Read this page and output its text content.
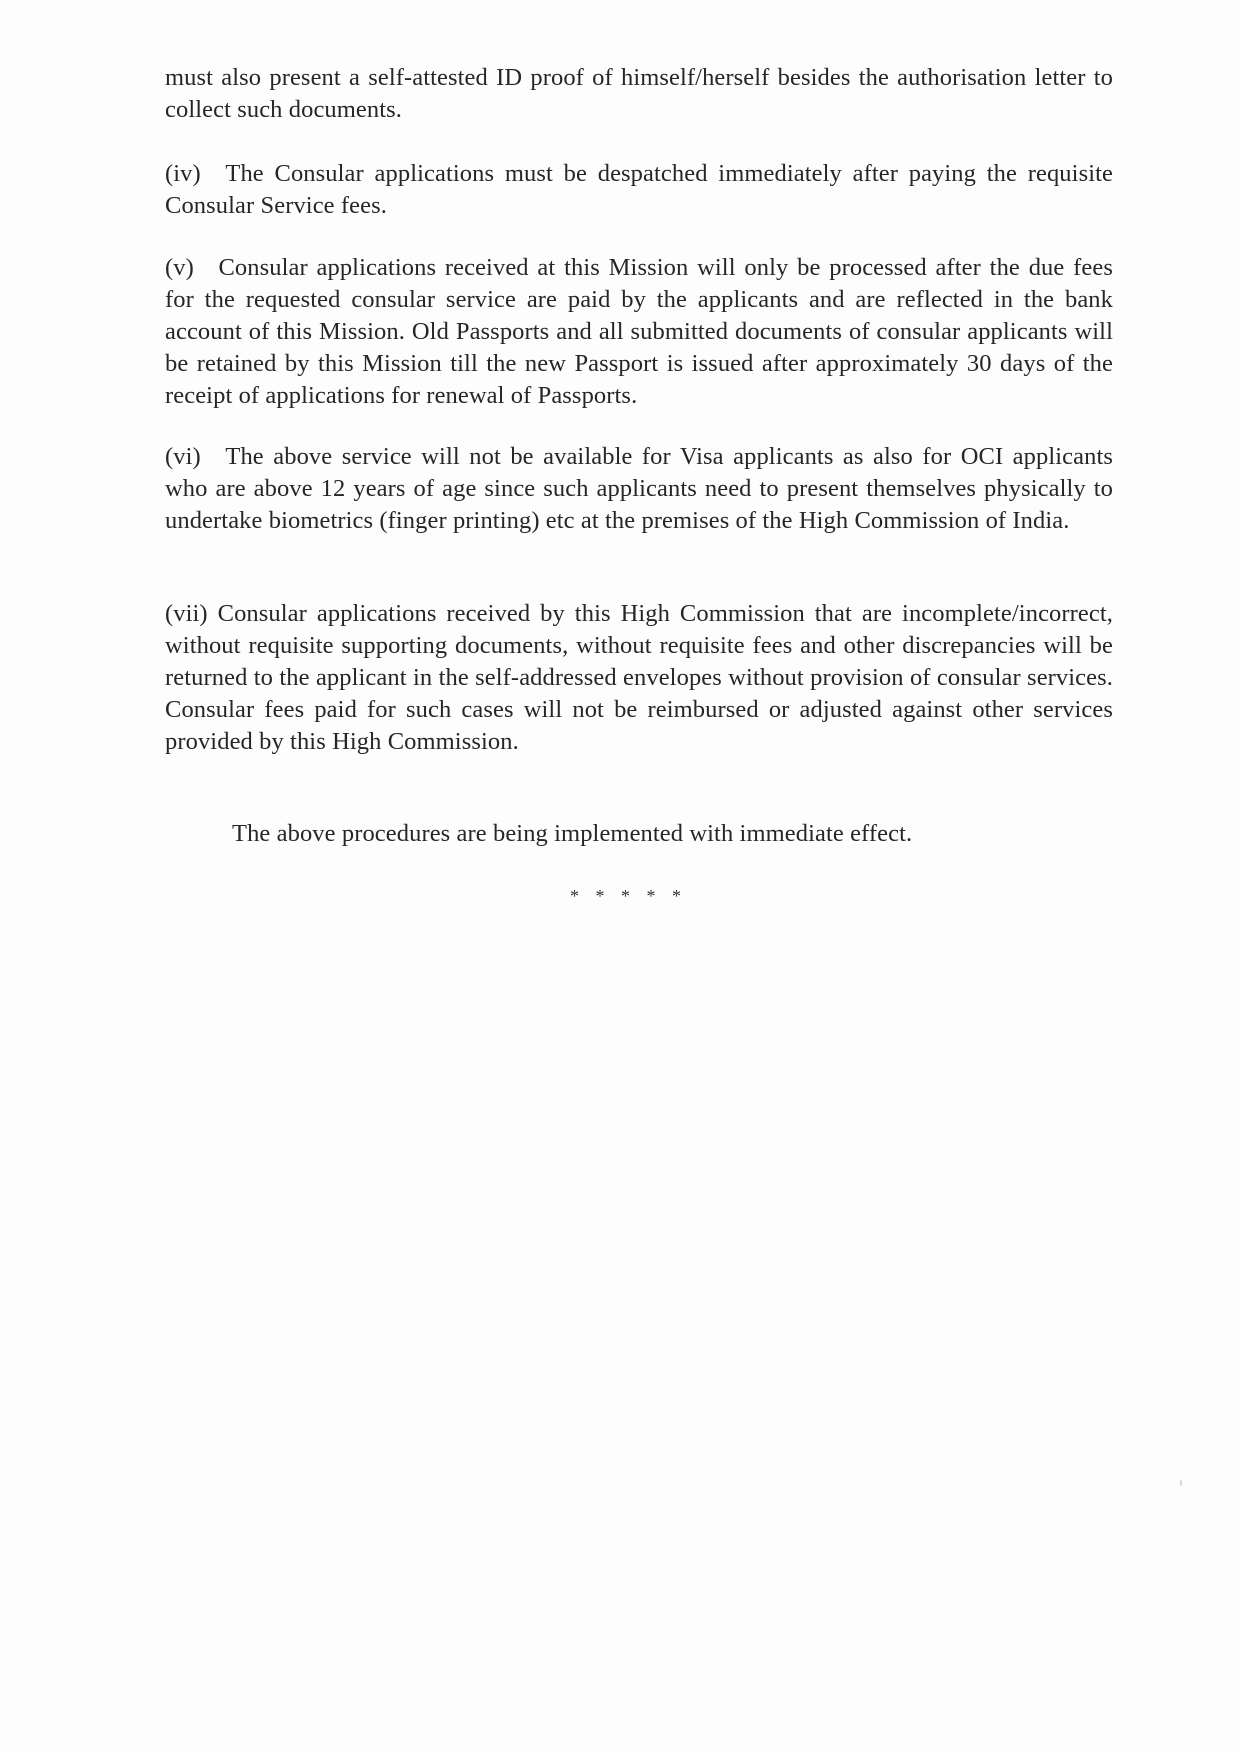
must also present a self-attested ID proof of himself/herself besides the authorisation letter to collect such documents.

(iv) The Consular applications must be despatched immediately after paying the requisite Consular Service fees.

(v) Consular applications received at this Mission will only be processed after the due fees for the requested consular service are paid by the applicants and are reflected in the bank account of this Mission. Old Passports and all submitted documents of consular applicants will be retained by this Mission till the new Passport is issued after approximately 30 days of the receipt of applications for renewal of Passports.

(vi) The above service will not be available for Visa applicants as also for OCI applicants who are above 12 years of age since such applicants need to present themselves physically to undertake biometrics (finger printing) etc at the premises of the High Commission of India.

(vii) Consular applications received by this High Commission that are incomplete/incorrect, without requisite supporting documents, without requisite fees and other discrepancies will be returned to the applicant in the self-addressed envelopes without provision of consular services. Consular fees paid for such cases will not be reimbursed or adjusted against other services provided by this High Commission.

The above procedures are being implemented with immediate effect.

* * * * *
